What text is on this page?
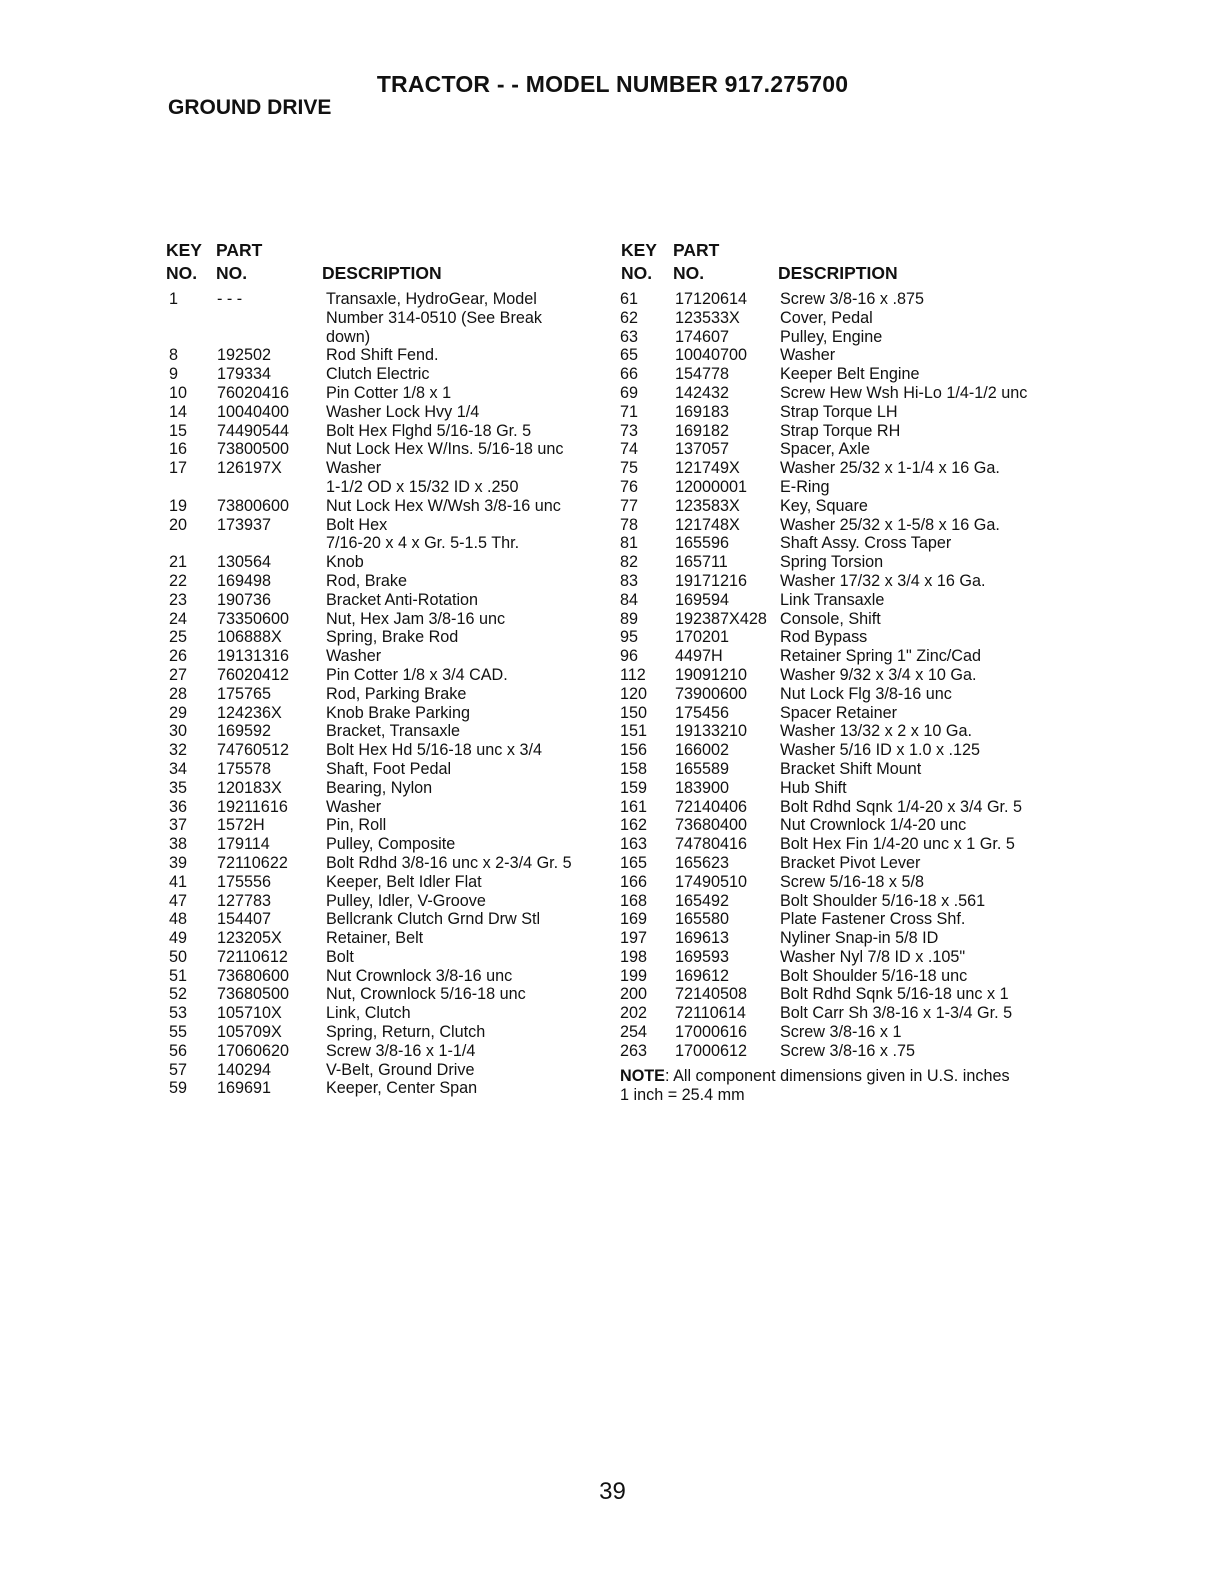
TRACTOR - - MODEL NUMBER 917.275700
GROUND DRIVE
KEY
NO.
PART
NO.	DESCRIPTION
1 - - -	Transaxle, HydroGear, Model
Number 314-0510 (See Break
down)
8 192502	Rod Shift Fend.
9 179334	Clutch Electric
10 76020416 Pin Cotter 1/8 x 1
14 10040400 Washer Lock Hvy 1/4
15 74490544 Bolt Hex Flghd 5/16-18 Gr. 5
16 73800500 Nut Lock Hex W/Ins. 5/16-18 unc
17 126197X	Washer
1-1/2 OD x 15/32 ID x .250
19 73800600 Nut Lock Hex W/Wsh 3/8-16 unc
20 173937	Bolt Hex
7/16-20 x 4 x Gr. 5-1.5 Thr.
21 130564	Knob
22 169498	Rod, Brake
23 190736	Bracket Anti-Rotation
24 73350600 Nut, Hex Jam 3/8-16 unc
25 106888X	Spring, Brake Rod
26 19131316 Washer
27 76020412 Pin Cotter 1/8 x 3/4 CAD.
28 175765	Rod, Parking Brake
29 124236X	Knob Brake Parking
30 169592	Bracket, Transaxle
32 74760512 Bolt Hex Hd 5/16-18 unc x 3/4
34 175578	Shaft, Foot Pedal
35 120183X	Bearing, Nylon
36 19211616 Washer
37 1572H	Pin, Roll
38 179114	Pulley, Composite
39 72110622 Bolt Rdhd 3/8-16 unc x 2-3/4 Gr. 5
41 175556	Keeper, Belt Idler Flat
47 127783	Pulley, Idler, V-Groove
48 154407	Bellcrank Clutch Grnd Drw Stl
49 123205X	Retainer, Belt
50 72110612 Bolt
51 73680600 Nut Crownlock 3/8-16 unc
52 73680500 Nut, Crownlock 5/16-18 unc
53 105710X	Link, Clutch
55 105709X	Spring, Return, Clutch
56 17060620 Screw 3/8-16 x 1-1/4
57 140294	V-Belt, Ground Drive
59 169691	Keeper, Center Span
KEY
NO.
PART
NO.	DESCRIPTION
61 17120614 Screw 3/8-16 x .875
62 123533X Cover, Pedal
63 174607	Pulley, Engine
65 10040700 Washer
66 154778	Keeper Belt Engine
69 142432	Screw Hew Wsh Hi-Lo 1/4-1/2 unc
71 169183	Strap Torque LH
73 169182	Strap Torque RH
74 137057	Spacer, Axle
75 121749X Washer 25/32 x 1-1/4 x 16 Ga.
76 12000001 E-Ring
77 123583X Key, Square
78 121748X Washer 25/32 x 1-5/8 x 16 Ga.
81 165596	Shaft Assy. Cross Taper
82 165711	Spring Torsion
83 19171216 Washer 17/32 x 3/4 x 16 Ga.
84 169594	Link Transaxle
89 192387X428 Console, Shift
95 170201	Rod Bypass
96 4497H	Retainer Spring 1" Zinc/Cad
112 19091210 Washer 9/32 x 3/4 x 10 Ga.
120 73900600 Nut Lock Flg 3/8-16 unc
150 175456	Spacer Retainer
151 19133210 Washer 13/32 x 2 x 10 Ga.
156 166002	Washer 5/16 ID x 1.0 x .125
158 165589	Bracket Shift Mount
159 183900	Hub Shift
161 72140406 Bolt Rdhd Sqnk 1/4-20 x 3/4 Gr. 5
162 73680400 Nut Crownlock 1/4-20 unc
163 74780416 Bolt Hex Fin 1/4-20 unc x 1 Gr. 5
165 165623	Bracket Pivot Lever
166 17490510 Screw 5/16-18 x 5/8
168 165492	Bolt Shoulder 5/16-18 x .561
169 165580	Plate Fastener Cross Shf.
197 169613	Nyliner Snap-in 5/8 ID
198 169593	Washer Nyl 7/8 ID x .105"
199 169612	Bolt Shoulder 5/16-18 unc
200 72140508 Bolt Rdhd Sqnk 5/16-18 unc x 1
202 72110614 Bolt Carr Sh 3/8-16 x 1-3/4 Gr. 5
254 17000616 Screw 3/8-16 x 1
263 17000612 Screw 3/8-16 x .75
NOTE: All component dimensions given in U.S. inches
1 inch = 25.4 mm
39
